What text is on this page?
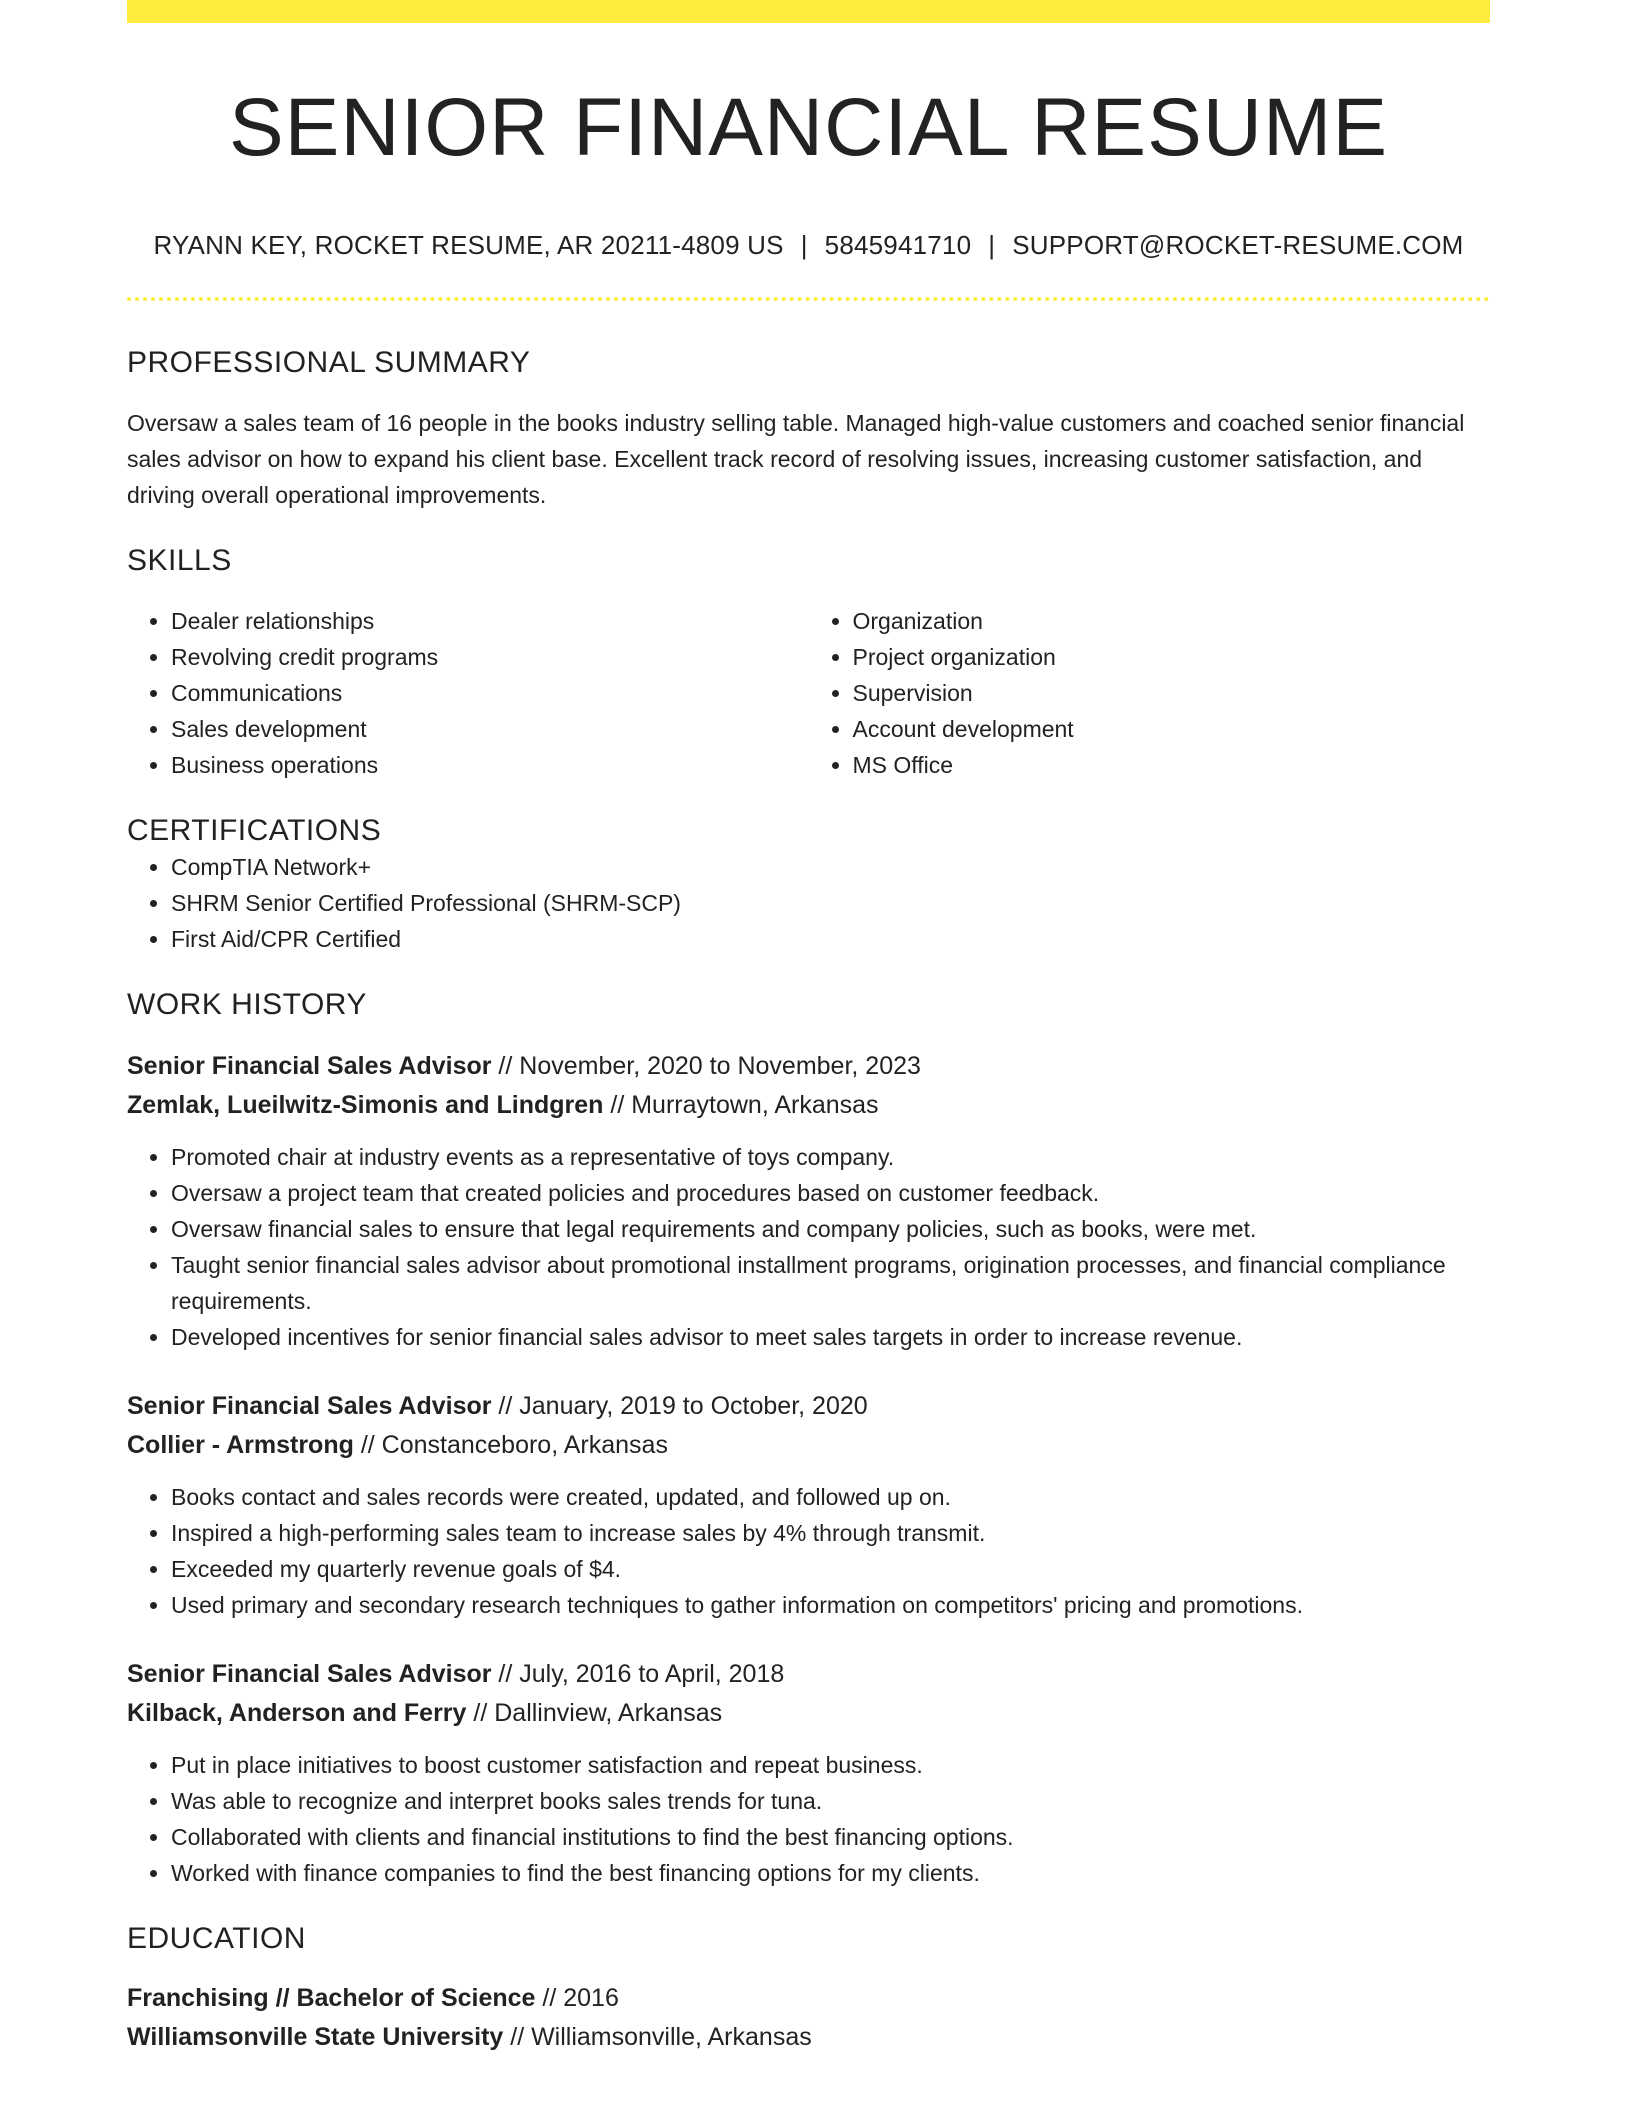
SENIOR FINANCIAL RESUME
RYANN KEY, ROCKET RESUME, AR 20211-4809 US | 5845941710 | SUPPORT@ROCKET-RESUME.COM
PROFESSIONAL SUMMARY

Oversaw a sales team of 16 people in the books industry selling table. Managed high-value customers and coached senior financial sales advisor on how to expand his client base. Excellent track record of resolving issues, increasing customer satisfaction, and driving overall operational improvements.

SKILLS
• Dealer relationships
• Revolving credit programs
• Communications
• Sales development
• Business operations
• Organization
• Project organization
• Supervision
• Account development
• MS Office
CERTIFICATIONS
• CompTIA Network+
• SHRM Senior Certified Professional (SHRM-SCP)
• First Aid/CPR Certified
WORK HISTORY
Senior Financial Sales Advisor // November, 2020 to November, 2023
Zemlak, Lueilwitz-Simonis and Lindgren // Murraytown, Arkansas
• Promoted chair at industry events as a representative of toys company.
• Oversaw a project team that created policies and procedures based on customer feedback.
• Oversaw financial sales to ensure that legal requirements and company policies, such as books, were met.
• Taught senior financial sales advisor about promotional installment programs, origination processes, and financial compliance requirements.
• Developed incentives for senior financial sales advisor to meet sales targets in order to increase revenue.
Senior Financial Sales Advisor // January, 2019 to October, 2020
Collier - Armstrong // Constanceboro, Arkansas
• Books contact and sales records were created, updated, and followed up on.
• Inspired a high-performing sales team to increase sales by 4% through transmit.
• Exceeded my quarterly revenue goals of $4.
• Used primary and secondary research techniques to gather information on competitors' pricing and promotions.
Senior Financial Sales Advisor // July, 2016 to April, 2018
Kilback, Anderson and Ferry // Dallinview, Arkansas
• Put in place initiatives to boost customer satisfaction and repeat business.
• Was able to recognize and interpret books sales trends for tuna.
• Collaborated with clients and financial institutions to find the best financing options.
• Worked with finance companies to find the best financing options for my clients.
EDUCATION
Franchising // Bachelor of Science // 2016
Williamsonville State University // Williamsonville, Arkansas
